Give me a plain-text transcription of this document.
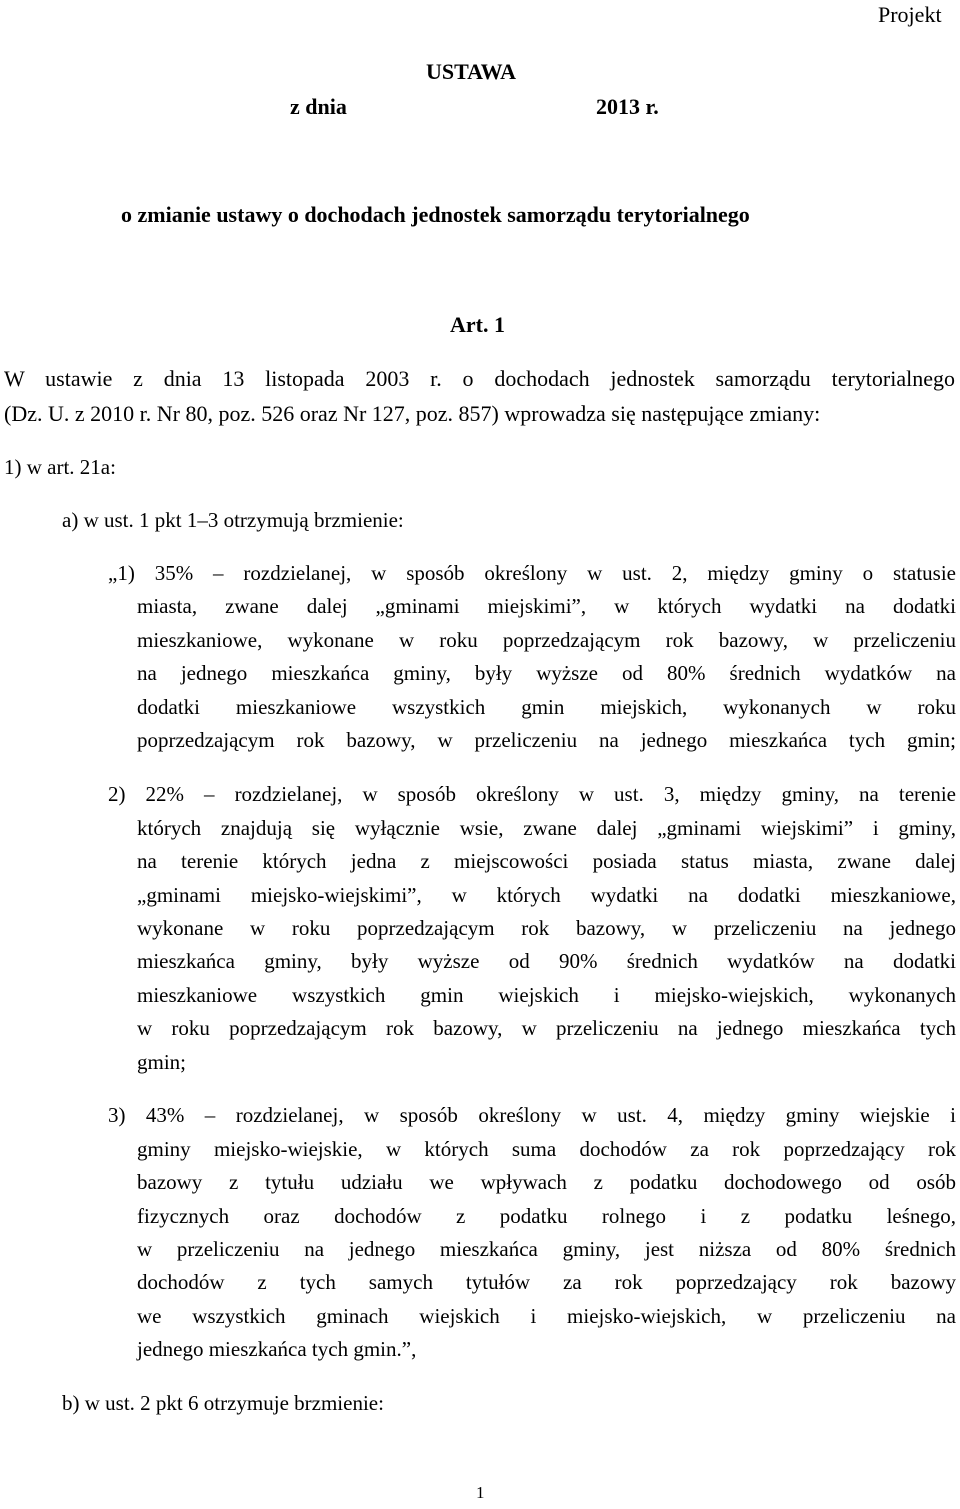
Projekt
USTAWA
z dnia	2013 r.
o zmianie ustawy o dochodach jednostek samorządu terytorialnego
Art. 1
W ustawie z dnia 13 listopada 2003 r. o dochodach jednostek samorządu terytorialnego
(Dz. U. z 2010 r. Nr 80, poz. 526 oraz Nr 127, poz. 857) wprowadza się następujące zmiany:
1) w art. 21a:
a) w ust. 1 pkt 1–3 otrzymują brzmienie:
„1) 35% – rozdzielanej, w sposób określony w ust. 2, między gminy o statusie
miasta, zwane dalej „gminami miejskimi”, w których wydatki na dodatki
mieszkaniowe, wykonane w roku poprzedzającym rok bazowy, w przeliczeniu
na jednego mieszkańca gminy, były wyższe od 80% średnich wydatków na
dodatki mieszkaniowe wszystkich gmin miejskich, wykonanych w roku
poprzedzającym rok bazowy, w przeliczeniu na jednego mieszkańca tych gmin;
2) 22% – rozdzielanej, w sposób określony w ust. 3, między gminy, na terenie
których znajdują się wyłącznie wsie, zwane dalej „gminami wiejskimi” i gminy,
na terenie których jedna z miejscowości posiada status miasta, zwane dalej
„gminami miejsko-wiejskimi”, w których wydatki na dodatki mieszkaniowe,
wykonane w roku poprzedzającym rok bazowy, w przeliczeniu na jednego
mieszkańca gminy, były wyższe od 90% średnich wydatków na dodatki
mieszkaniowe wszystkich gmin wiejskich i miejsko-wiejskich, wykonanych
w roku poprzedzającym rok bazowy, w przeliczeniu na jednego mieszkańca tych
gmin;
3) 43% – rozdzielanej, w sposób określony w ust. 4, między gminy wiejskie i
gminy miejsko-wiejskie, w których suma dochodów za rok poprzedzający rok
bazowy z tytułu udziału we wpływach z podatku dochodowego od osób
fizycznych oraz dochodów z podatku rolnego i z podatku leśnego,
w przeliczeniu na jednego mieszkańca gminy, jest niższa od 80% średnich
dochodów z tych samych tytułów za rok poprzedzający rok bazowy
we wszystkich gminach wiejskich i miejsko-wiejskich, w przeliczeniu na
jednego mieszkańca tych gmin.”,
b) w ust. 2 pkt 6 otrzymuje brzmienie:
1
